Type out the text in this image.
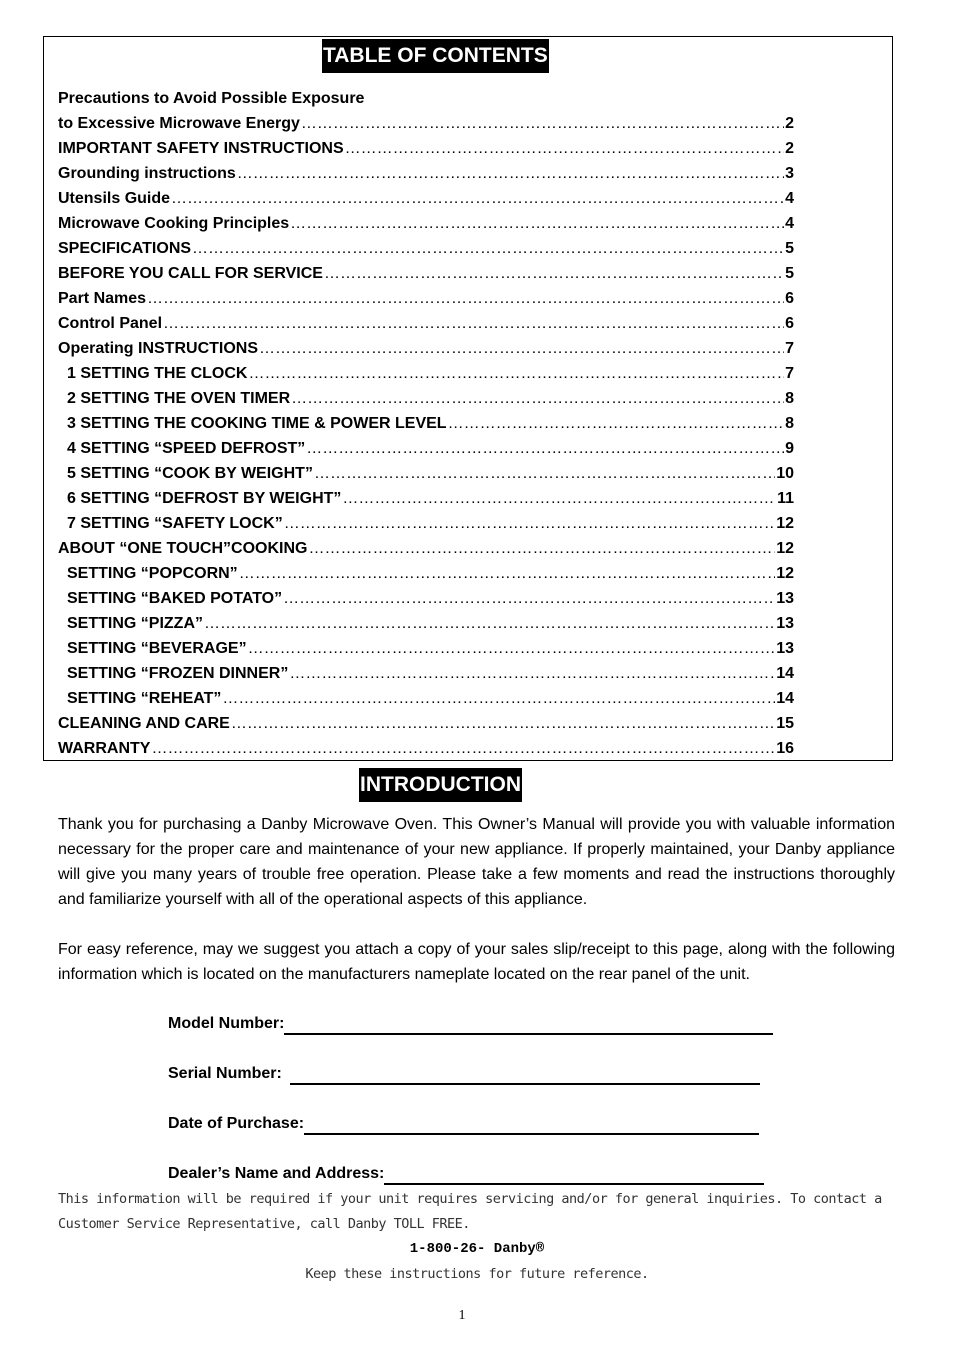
TABLE OF CONTENTS
Precautions to Avoid Possible Exposure
to Excessive Microwave Energy ……………………………………………………………………………………………………………………………………………………………………………………………………	2
IMPORTANT SAFETY INSTRUCTIONS ……………………………………………………………………………………………………………………………………………………………………………………………………	2
Grounding instructions ……………………………………………………………………………………………………………………………………………………………………………………………………	3
Utensils Guide ……………………………………………………………………………………………………………………………………………………………………………………………………	4
Microwave Cooking Principles ……………………………………………………………………………………………………………………………………………………………………………………………………	4
SPECIFICATIONS ……………………………………………………………………………………………………………………………………………………………………………………………………	5
BEFORE YOU CALL FOR SERVICE ……………………………………………………………………………………………………………………………………………………………………………………………………	5
Part Names ……………………………………………………………………………………………………………………………………………………………………………………………………	6
Control Panel ……………………………………………………………………………………………………………………………………………………………………………………………………	6
Operating INSTRUCTIONS ……………………………………………………………………………………………………………………………………………………………………………………………………	7
1 SETTING THE CLOCK ……………………………………………………………………………………………………………………………………………………………………………………………………	7
2 SETTING THE OVEN TIMER ……………………………………………………………………………………………………………………………………………………………………………………………………	8
3 SETTING THE COOKING TIME & POWER LEVEL ……………………………………………………………………………………………………………………………………………………………………………………………………	8
4 SETTING “SPEED DEFROST” ……………………………………………………………………………………………………………………………………………………………………………………………………	9
5 SETTING “COOK BY WEIGHT” ……………………………………………………………………………………………………………………………………………………………………………………………………	10
6 SETTING “DEFROST BY WEIGHT” ……………………………………………………………………………………………………………………………………………………………………………………………………	11
7 SETTING “SAFETY LOCK” ……………………………………………………………………………………………………………………………………………………………………………………………………	12
ABOUT “ONE TOUCH”COOKING ……………………………………………………………………………………………………………………………………………………………………………………………………	12
SETTING “POPCORN” ……………………………………………………………………………………………………………………………………………………………………………………………………	12
SETTING “BAKED POTATO” ……………………………………………………………………………………………………………………………………………………………………………………………………	13
SETTING “PIZZA” ……………………………………………………………………………………………………………………………………………………………………………………………………	13
SETTING “BEVERAGE” ……………………………………………………………………………………………………………………………………………………………………………………………………	13
SETTING “FROZEN DINNER” ……………………………………………………………………………………………………………………………………………………………………………………………………	14
SETTING “REHEAT” ……………………………………………………………………………………………………………………………………………………………………………………………………	14
CLEANING AND CARE ……………………………………………………………………………………………………………………………………………………………………………………………………	15
WARRANTY ……………………………………………………………………………………………………………………………………………………………………………………………………	16
INTRODUCTION
Thank you for purchasing a Danby Microwave Oven. This Owner’s Manual will provide you with valuable information necessary for the proper care and maintenance of your new appliance. If properly maintained, your Danby appliance will give you many years of trouble free operation. Please take a few moments and read the instructions thoroughly and familiarize yourself with all of the operational aspects of this appliance.
For easy reference, may we suggest you attach a copy of your sales slip/receipt to this page, along with the following information which is located on the manufacturers nameplate located on the rear panel of the unit.
Model Number:
Serial Number:
Date of Purchase:
Dealer’s Name and Address:
This information will be required if your unit requires servicing and/or for general inquiries. To contact a Customer Service Representative, call Danby TOLL FREE.
1-800-26- Danby®
Keep these instructions for future reference.
1
